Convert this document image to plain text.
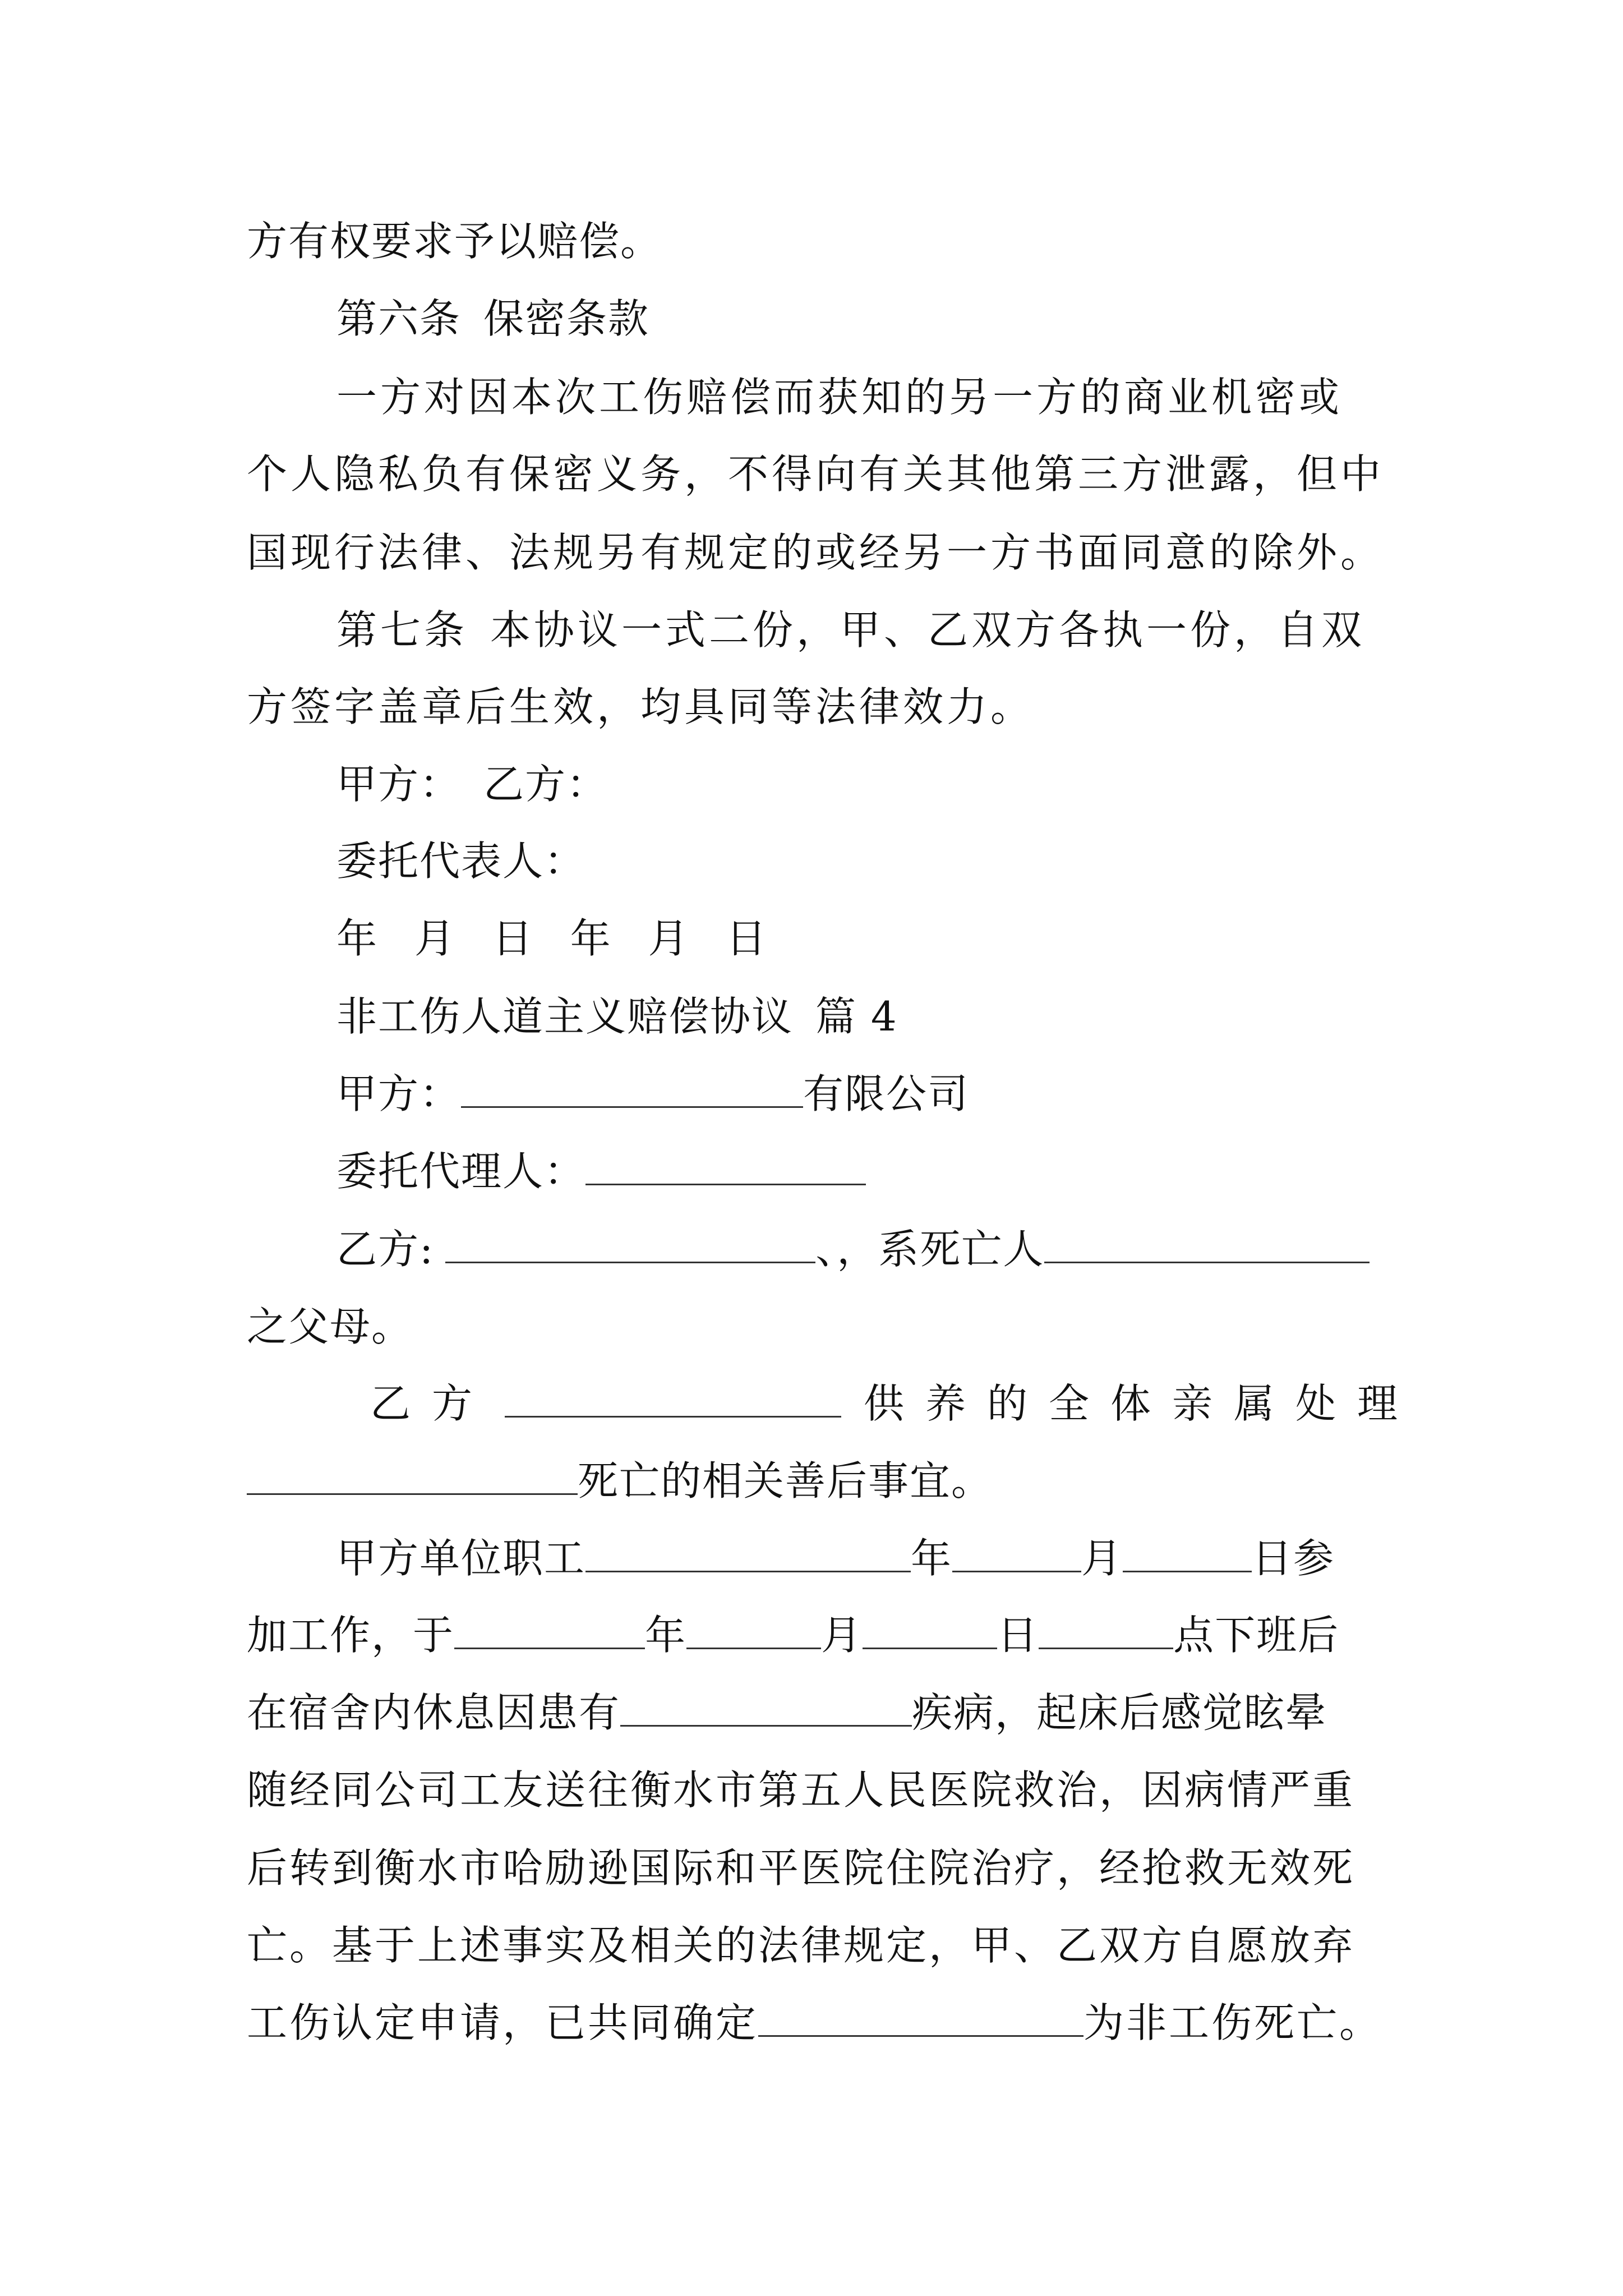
方有权要求予以赔偿。
第六条 保密条款
一方对因本次工伤赔偿而获知的另一方的商业机密或
个人隐私负有保密义务，不得向有关其他第三方泄露，但中
国现行法律、法规另有规定的或经另一方书面同意的除外。
第七条 本协议一式二份，甲、乙双方各执一份，自双
方签字盖章后生效，均具同等法律效力。
甲方： 乙方：
委托代表人：
年 月 日 年 月 日
非工伤人道主义赔偿协议 篇 4
甲方：	有限公司
委托代理人：
乙方:	、，系死亡人
之父母。
乙方	供养的全体亲属处理
死亡的相关善后事宜。
甲方单位职工	年	月	日参
加工作，于	年	月	日	点下班后
在宿舍内休息因患有	疾病，起床后感觉眩晕
随经同公司工友送往衡水市第五人民医院救治，因病情严重
后转到衡水市哈励逊国际和平医院住院治疗，经抢救无效死
亡。基于上述事实及相关的法律规定，甲、乙双方自愿放弃
工伤认定申请，已共同确定	为非工伤死亡。
